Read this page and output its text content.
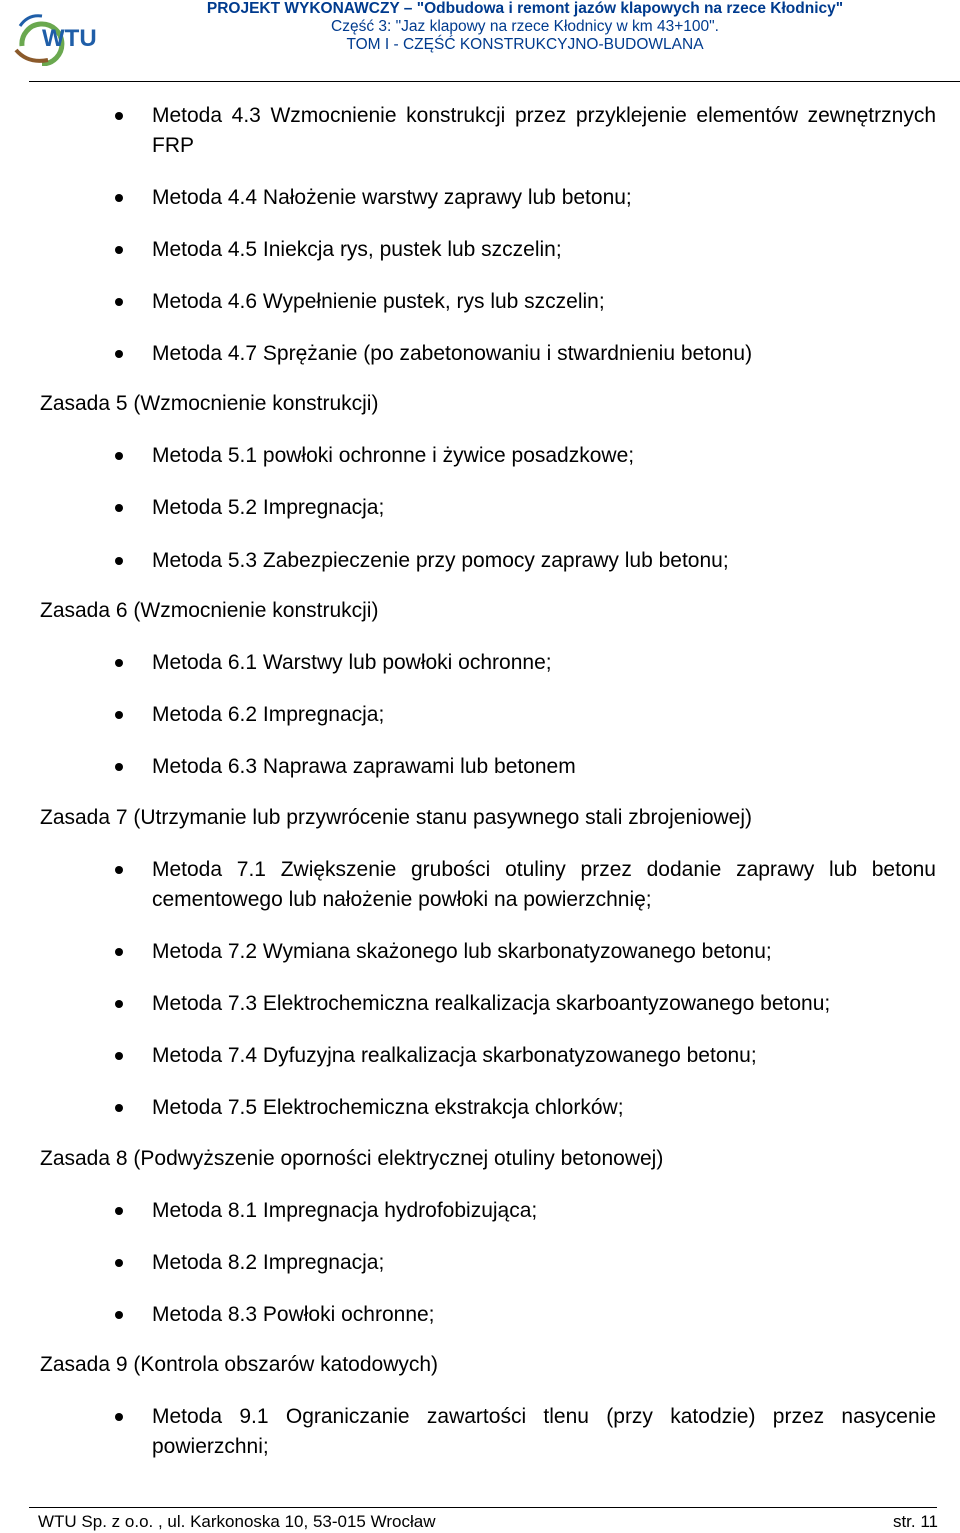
WTU

PROJEKT WYKONAWCZY – "Odbudowa i remont jazów klapowych na rzece Kłodnicy"

Część 3: "Jaz klapowy na rzece Kłodnicy w km 43+100".

TOM I - CZĘŚĆ KONSTRUKCYJNO-BUDOWLANA

Metoda 4.3 Wzmocnienie konstrukcji przez przyklejenie elementów zewnętrznych FRP
Metoda 4.4 Nałożenie warstwy zaprawy lub betonu;
Metoda 4.5 Iniekcja rys, pustek lub szczelin;
Metoda 4.6 Wypełnienie pustek, rys lub szczelin;
Metoda 4.7 Sprężanie (po zabetonowaniu i stwardnieniu betonu)
Zasada 5 (Wzmocnienie konstrukcji)
Metoda 5.1 powłoki ochronne i żywice posadzkowe;
Metoda 5.2 Impregnacja;
Metoda 5.3 Zabezpieczenie przy pomocy zaprawy lub betonu;
Zasada 6 (Wzmocnienie konstrukcji)
Metoda 6.1 Warstwy lub powłoki ochronne;
Metoda 6.2 Impregnacja;
Metoda 6.3 Naprawa zaprawami lub betonem
Zasada 7 (Utrzymanie lub przywrócenie stanu pasywnego stali zbrojeniowej)
Metoda 7.1 Zwiększenie grubości otuliny przez dodanie zaprawy lub betonu cementowego lub nałożenie powłoki na powierzchnię;
Metoda 7.2 Wymiana skażonego lub skarbonatyzowanego betonu;
Metoda 7.3 Elektrochemiczna realkalizacja skarboantyzowanego betonu;
Metoda 7.4 Dyfuzyjna realkalizacja skarbonatyzowanego betonu;
Metoda 7.5 Elektrochemiczna ekstrakcja chlorków;
Zasada 8 (Podwyższenie oporności elektrycznej otuliny betonowej)
Metoda 8.1 Impregnacja hydrofobizująca;
Metoda 8.2 Impregnacja;
Metoda 8.3 Powłoki ochronne;
Zasada 9 (Kontrola obszarów katodowych)
Metoda 9.1 Ograniczanie zawartości tlenu (przy katodzie) przez nasycenie powierzchni;
WTU Sp. z o.o. , ul. Karkonoska 10, 53-015 Wrocław	str. 11
